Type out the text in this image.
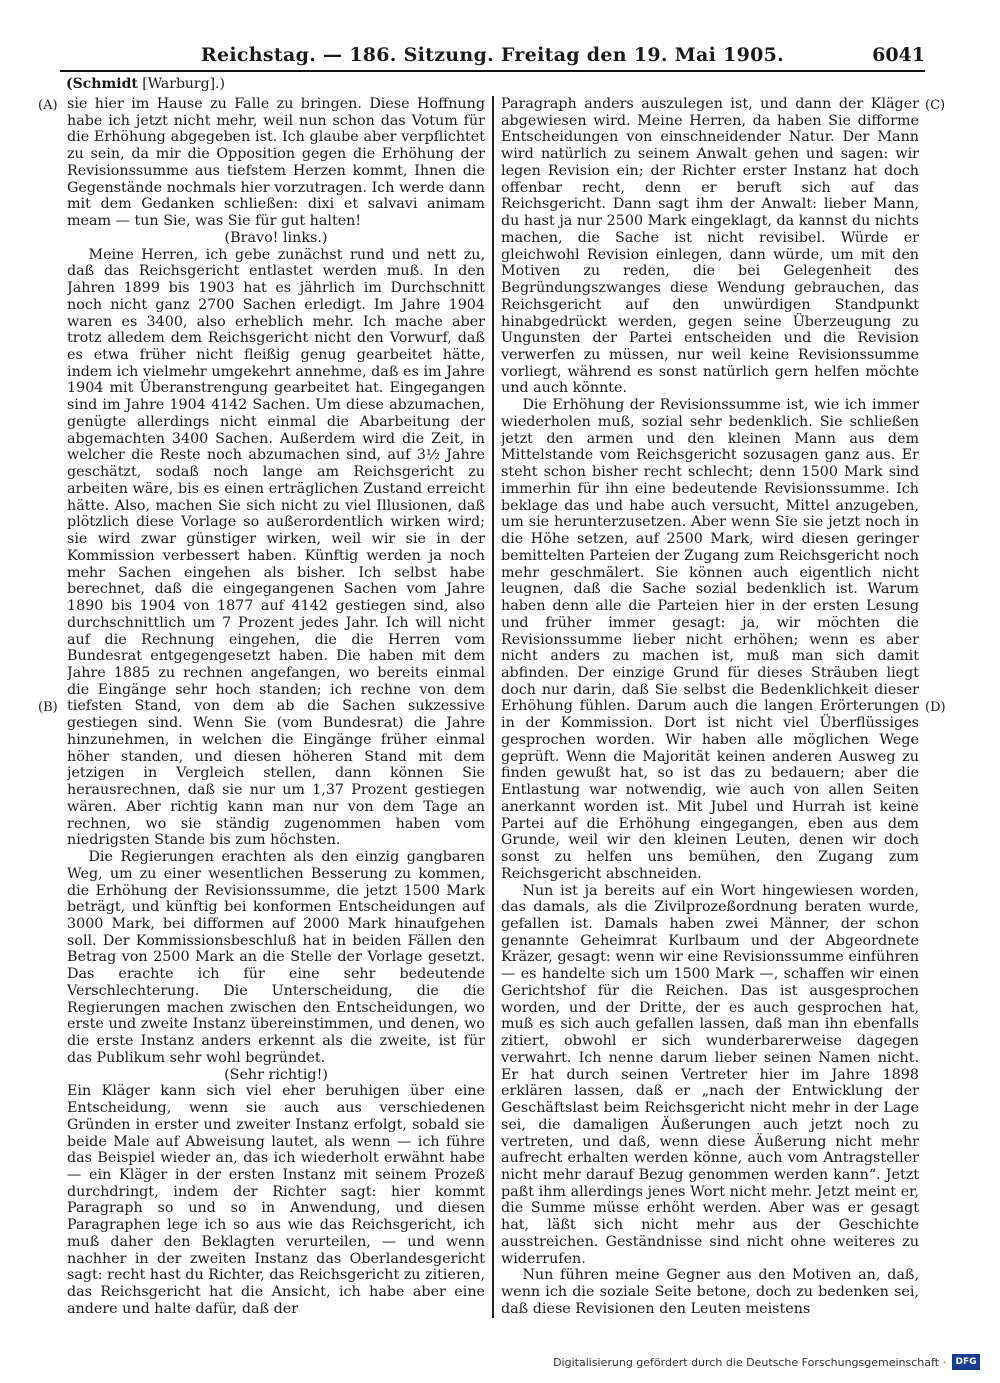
Reichstag. — 186. Sitzung. Freitag den 19. Mai 1905.	6041
(Schmidt [Warburg].)
(A)
(B)
(C)
(D)

sie hier im Hause zu Falle zu bringen. Diese Hoffnung habe ich jetzt nicht mehr, weil nun schon das Votum für die Erhöhung abgegeben ist. Ich glaube aber verpflichtet zu sein, da mir die Opposition gegen die Erhöhung der Revisionssumme aus tiefstem Herzen kommt, Ihnen die Gegenstände nochmals hier vorzutragen. Ich werde dann mit dem Gedanken schließen: dixi et salvavi animam meam — tun Sie, was Sie für gut halten!

(Bravo! links.)

Meine Herren, ich gebe zunächst rund und nett zu, daß das Reichsgericht entlastet werden muß. In den Jahren 1899 bis 1903 hat es jährlich im Durchschnitt noch nicht ganz 2700 Sachen erledigt. Im Jahre 1904 waren es 3400, also erheblich mehr. Ich mache aber trotz alledem dem Reichsgericht nicht den Vorwurf, daß es etwa früher nicht fleißig genug gearbeitet hätte, indem ich vielmehr umgekehrt annehme, daß es im Jahre 1904 mit Überanstrengung gearbeitet hat. Eingegangen sind im Jahre 1904 4142 Sachen. Um diese abzumachen, genügte allerdings nicht einmal die Abarbeitung der abgemachten 3400 Sachen. Außerdem wird die Zeit, in welcher die Reste noch abzumachen sind, auf 3½ Jahre geschätzt, sodaß noch lange am Reichsgericht zu arbeiten wäre, bis es einen erträglichen Zustand erreicht hätte. Also, machen Sie sich nicht zu viel Illusionen, daß plötzlich diese Vorlage so außerordentlich wirken wird; sie wird zwar günstiger wirken, weil wir sie in der Kommission verbessert haben. Künftig werden ja noch mehr Sachen eingehen als bisher. Ich selbst habe berechnet, daß die eingegangenen Sachen vom Jahre 1890 bis 1904 von 1877 auf 4142 gestiegen sind, also durchschnittlich um 7 Prozent jedes Jahr. Ich will nicht auf die Rechnung eingehen, die die Herren vom Bundesrat entgegengesetzt haben. Die haben mit dem Jahre 1885 zu rechnen angefangen, wo bereits einmal die Eingänge sehr hoch standen; ich rechne von dem tiefsten Stand, von dem ab die Sachen sukzessive gestiegen sind. Wenn Sie (vom Bundesrat) die Jahre hinzunehmen, in welchen die Eingänge früher einmal höher standen, und diesen höheren Stand mit dem jetzigen in Vergleich stellen, dann können Sie herausrechnen, daß sie nur um 1,37 Prozent gestiegen wären. Aber richtig kann man nur von dem Tage an rechnen, wo sie ständig zugenommen haben vom niedrigsten Stande bis zum höchsten.

Die Regierungen erachten als den einzig gangbaren Weg, um zu einer wesentlichen Besserung zu kommen, die Erhöhung der Revisionssumme, die jetzt 1500 Mark beträgt, und künftig bei konformen Entscheidungen auf 3000 Mark, bei difformen auf 2000 Mark hinaufgehen soll. Der Kommissionsbeschluß hat in beiden Fällen den Betrag von 2500 Mark an die Stelle der Vorlage gesetzt. Das erachte ich für eine sehr bedeutende Verschlechterung. Die Unterscheidung, die die Regierungen machen zwischen den Entscheidungen, wo erste und zweite Instanz übereinstimmen, und denen, wo die erste Instanz anders erkennt als die zweite, ist für das Publikum sehr wohl begründet.

(Sehr richtig!)

Ein Kläger kann sich viel eher beruhigen über eine Entscheidung, wenn sie auch aus verschiedenen Gründen in erster und zweiter Instanz erfolgt, sobald sie beide Male auf Abweisung lautet, als wenn — ich führe das Beispiel wieder an, das ich wiederholt erwähnt habe — ein Kläger in der ersten Instanz mit seinem Prozeß durchdringt, indem der Richter sagt: hier kommt Paragraph so und so in Anwendung, und diesen Paragraphen lege ich so aus wie das Reichsgericht, ich muß daher den Beklagten verurteilen, — und wenn nachher in der zweiten Instanz das Oberlandesgericht sagt: recht hast du Richter, das Reichsgericht zu zitieren, das Reichsgericht hat die Ansicht, ich habe aber eine andere und halte dafür, daß der

Paragraph anders auszulegen ist, und dann der Kläger abgewiesen wird. Meine Herren, da haben Sie difforme Entscheidungen von einschneidender Natur. Der Mann wird natürlich zu seinem Anwalt gehen und sagen: wir legen Revision ein; der Richter erster Instanz hat doch offenbar recht, denn er beruft sich auf das Reichsgericht. Dann sagt ihm der Anwalt: lieber Mann, du hast ja nur 2500 Mark eingeklagt, da kannst du nichts machen, die Sache ist nicht revisibel. Würde er gleichwohl Revision einlegen, dann würde, um mit den Motiven zu reden, die bei Gelegenheit des Begründungszwanges diese Wendung gebrauchen, das Reichsgericht auf den unwürdigen Standpunkt hinabgedrückt werden, gegen seine Überzeugung zu Ungunsten der Partei entscheiden und die Revision verwerfen zu müssen, nur weil keine Revisionssumme vorliegt, während es sonst natürlich gern helfen möchte und auch könnte.

Die Erhöhung der Revisionssumme ist, wie ich immer wiederholen muß, sozial sehr bedenklich. Sie schließen jetzt den armen und den kleinen Mann aus dem Mittelstande vom Reichsgericht sozusagen ganz aus. Er steht schon bisher recht schlecht; denn 1500 Mark sind immerhin für ihn eine bedeutende Revisionssumme. Ich beklage das und habe auch versucht, Mittel anzugeben, um sie herunterzusetzen. Aber wenn Sie sie jetzt noch in die Höhe setzen, auf 2500 Mark, wird diesen geringer bemittelten Parteien der Zugang zum Reichsgericht noch mehr geschmälert. Sie können auch eigentlich nicht leugnen, daß die Sache sozial bedenklich ist. Warum haben denn alle die Parteien hier in der ersten Lesung und früher immer gesagt: ja, wir möchten die Revisionssumme lieber nicht erhöhen; wenn es aber nicht anders zu machen ist, muß man sich damit abfinden. Der einzige Grund für dieses Sträuben liegt doch nur darin, daß Sie selbst die Bedenklichkeit dieser Erhöhung fühlen. Darum auch die langen Erörterungen in der Kommission. Dort ist nicht viel Überflüssiges gesprochen worden. Wir haben alle möglichen Wege geprüft. Wenn die Majorität keinen anderen Ausweg zu finden gewußt hat, so ist das zu bedauern; aber die Entlastung war notwendig, wie auch von allen Seiten anerkannt worden ist. Mit Jubel und Hurrah ist keine Partei auf die Erhöhung eingegangen, eben aus dem Grunde, weil wir den kleinen Leuten, denen wir doch sonst zu helfen uns bemühen, den Zugang zum Reichsgericht abschneiden.

Nun ist ja bereits auf ein Wort hingewiesen worden, das damals, als die Zivilprozeßordnung beraten wurde, gefallen ist. Damals haben zwei Männer, der schon genannte Geheimrat Kurlbaum und der Abgeordnete Kräzer, gesagt: wenn wir eine Revisionssumme einführen — es handelte sich um 1500 Mark —, schaffen wir einen Gerichtshof für die Reichen. Das ist ausgesprochen worden, und der Dritte, der es auch gesprochen hat, muß es sich auch gefallen lassen, daß man ihn ebenfalls zitiert, obwohl er sich wunderbarerweise dagegen verwahrt. Ich nenne darum lieber seinen Namen nicht. Er hat durch seinen Vertreter hier im Jahre 1898 erklären lassen, daß er „nach der Entwicklung der Geschäftslast beim Reichsgericht nicht mehr in der Lage sei, die damaligen Äußerungen auch jetzt noch zu vertreten, und daß, wenn diese Äußerung nicht mehr aufrecht erhalten werden könne, auch vom Antragsteller nicht mehr darauf Bezug genommen werden kann“. Jetzt paßt ihm allerdings jenes Wort nicht mehr. Jetzt meint er, die Summe müsse erhöht werden. Aber was er gesagt hat, läßt sich nicht mehr aus der Geschichte ausstreichen. Geständnisse sind nicht ohne weiteres zu widerrufen.

Nun führen meine Gegner aus den Motiven an, daß, wenn ich die soziale Seite betone, doch zu bedenken sei, daß diese Revisionen den Leuten meistens

Digitalisierung gefördert durch die Deutsche Forschungsgemeinschaft ·	DFG
